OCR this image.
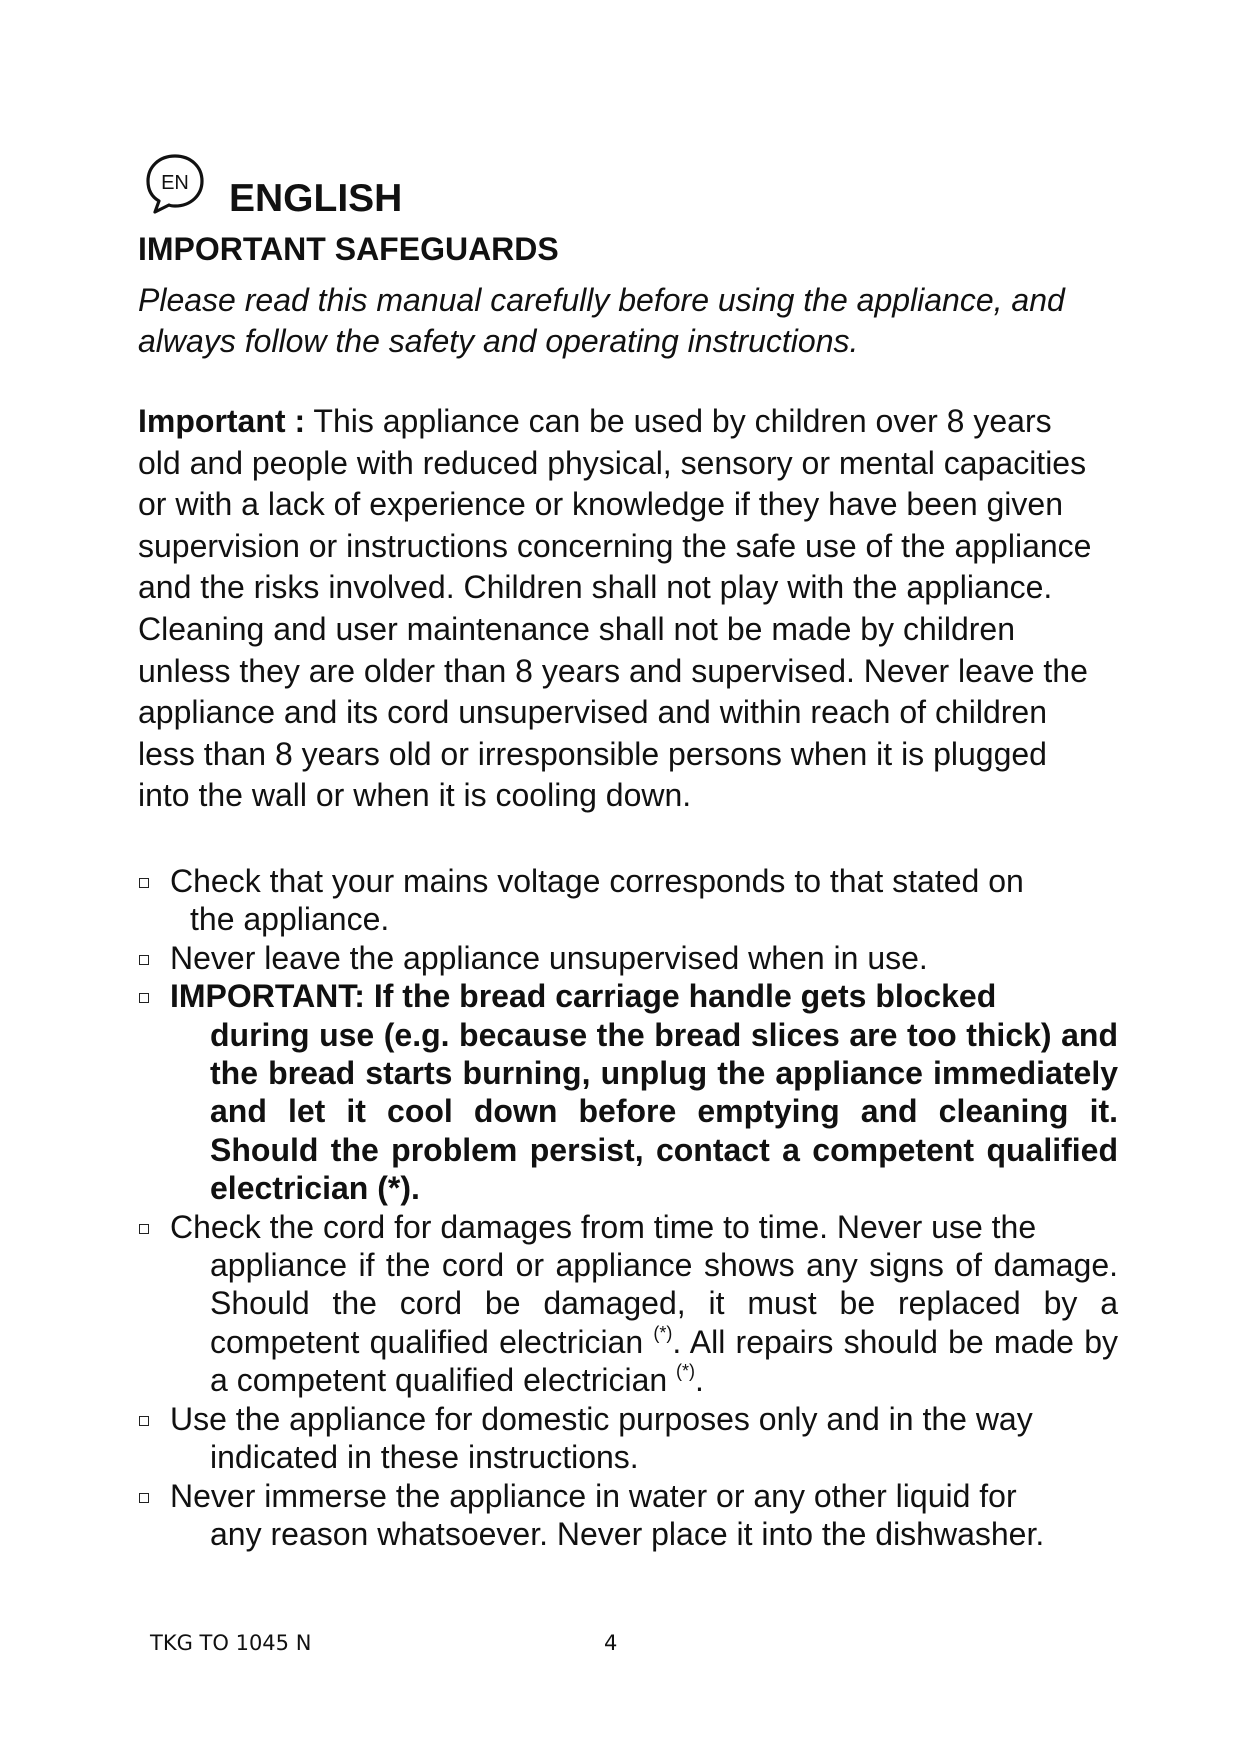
EN ENGLISH
IMPORTANT SAFEGUARDS

Please read this manual carefully before using the appliance, and always follow the safety and operating instructions.

Important : This appliance can be used by children over 8 years old and people with reduced physical, sensory or mental capacities or with a lack of experience or knowledge if they have been given supervision or instructions concerning the safe use of the appliance and the risks involved. Children shall not play with the appliance. Cleaning and user maintenance shall not be made by children unless they are older than 8 years and supervised. Never leave the appliance and its cord unsupervised and within reach of children less than 8 years old or irresponsible persons when it is plugged into the wall or when it is cooling down.

Check that your mains voltage corresponds to that stated on
the appliance.
Never leave the appliance unsupervised when in use.
IMPORTANT: If the bread carriage handle gets blocked
during use (e.g. because the bread slices are too thick) and the bread starts burning, unplug the appliance immediately and let it cool down before emptying and cleaning it. Should the problem persist, contact a competent qualified electrician (*).
Check the cord for damages from time to time. Never use the
appliance if the cord or appliance shows any signs of damage. Should the cord be damaged, it must be replaced by a competent qualified electrician (*). All repairs should be made by a competent qualified electrician (*).
Use the appliance for domestic purposes only and in the way
indicated in these instructions.
Never immerse the appliance in water or any other liquid for
any reason whatsoever. Never place it into the dishwasher.

TKG TO 1045 N	4
